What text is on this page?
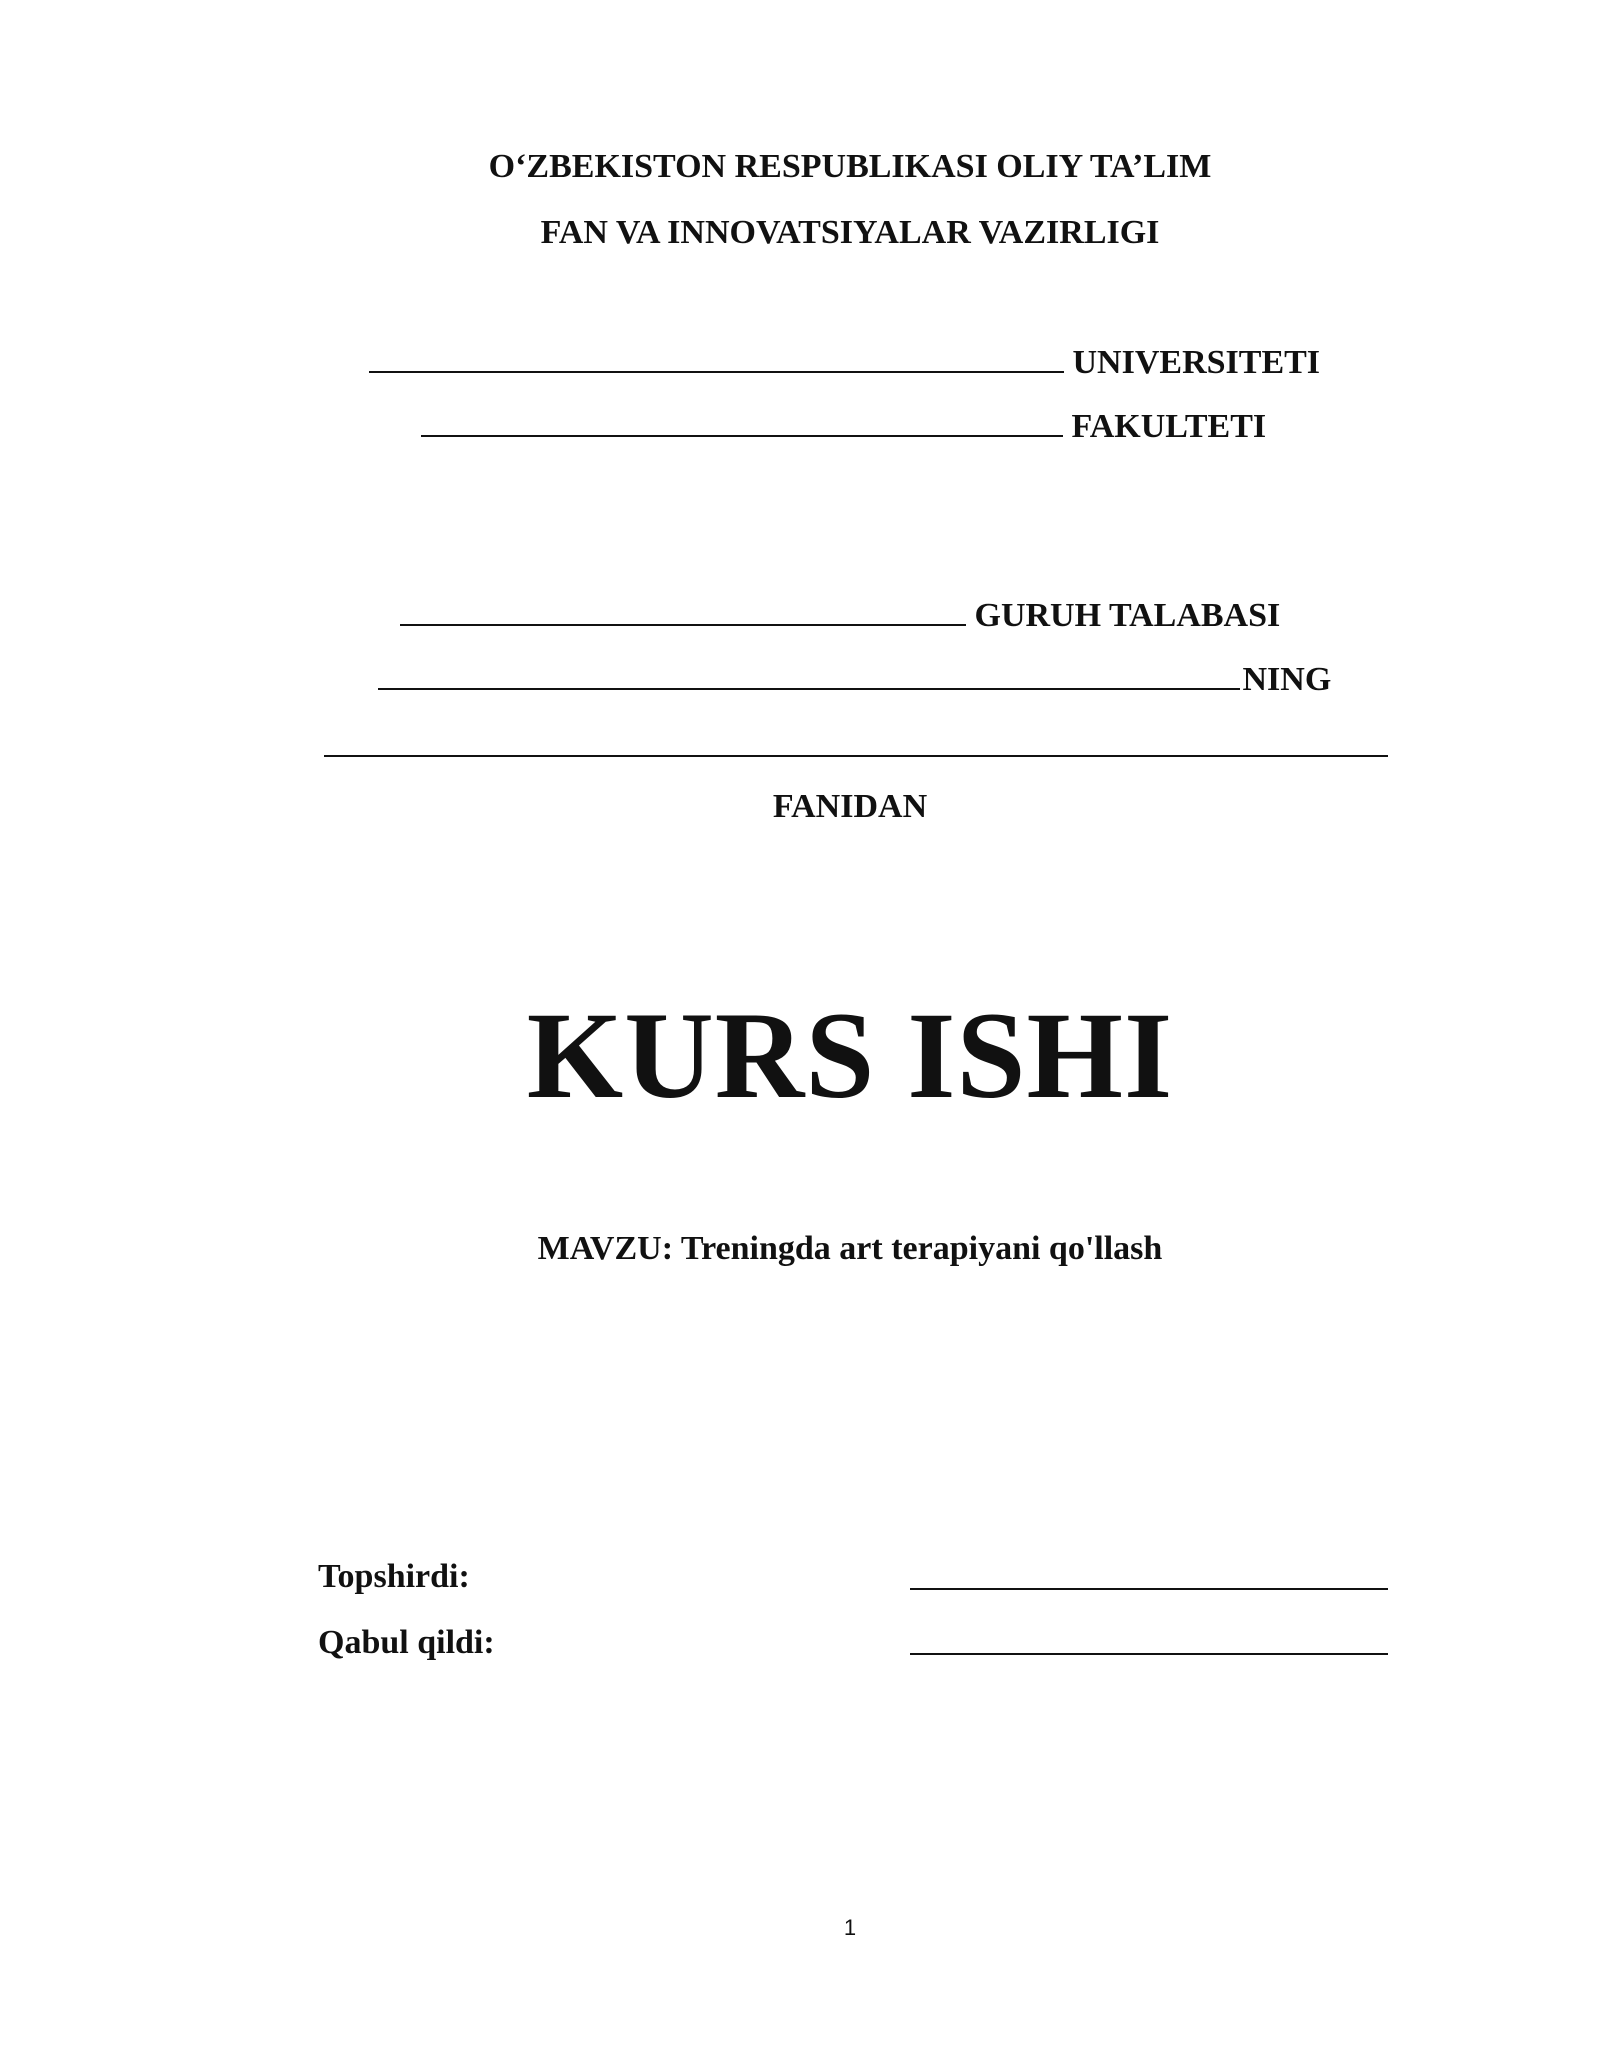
O‘ZBEKISTON RESPUBLIKASI OLIY TA’LIM
FAN VA INNOVATSIYALAR VAZIRLIGI
UNIVERSITETI
FAKULTETI
GURUH TALABASI
NING
FANIDAN
KURS ISHI
MAVZU: Treningda art terapiyani qo'llash
Topshirdi:
Qabul qildi:
1
